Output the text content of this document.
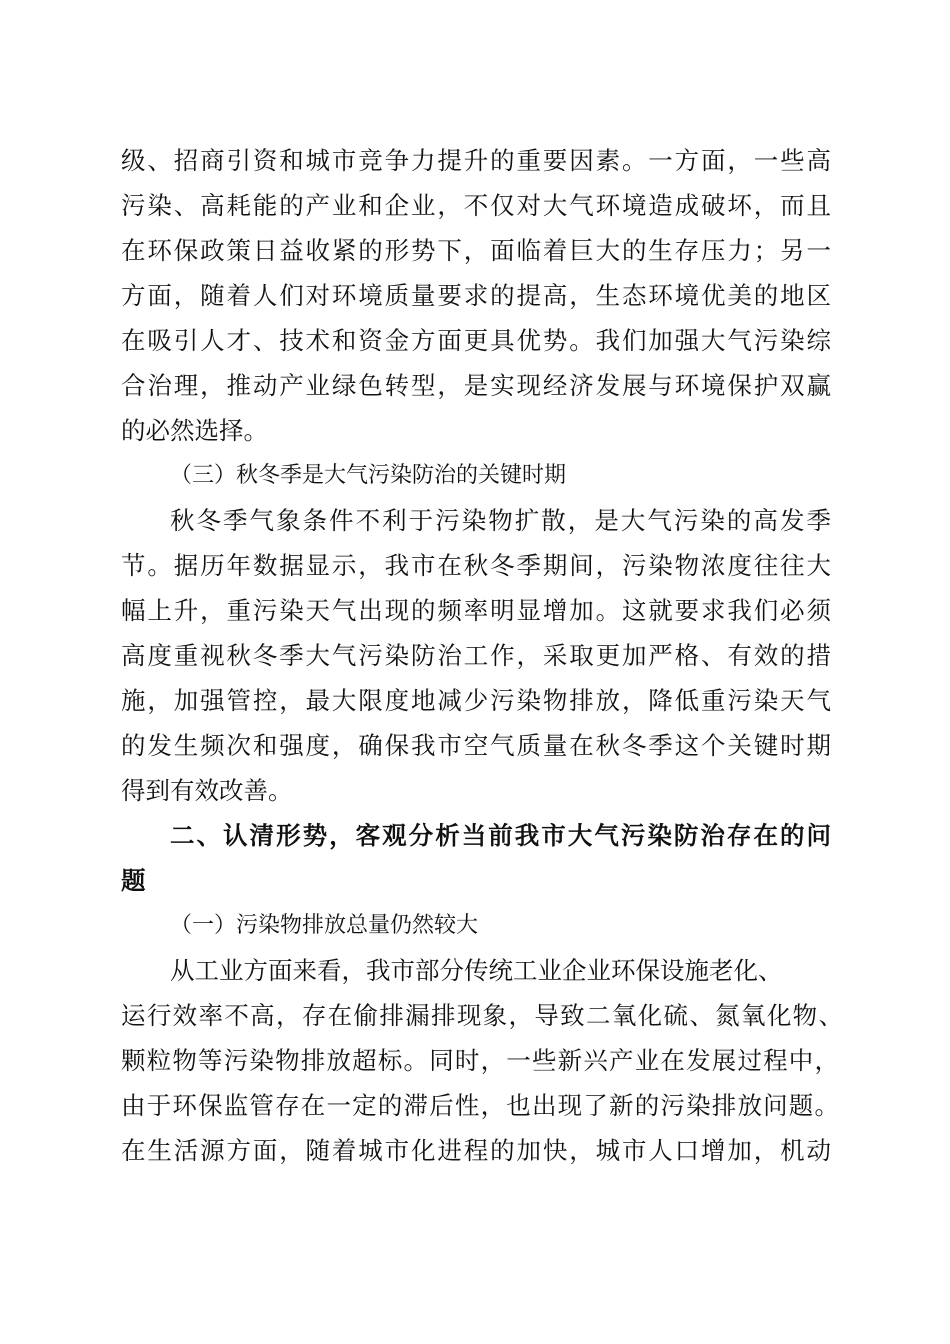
级、招商引资和城市竞争力提升的重要因素。一方面，一些高
污染、高耗能的产业和企业，不仅对大气环境造成破坏，而且
在环保政策日益收紧的形势下，面临着巨大的生存压力；另一
方面，随着人们对环境质量要求的提高，生态环境优美的地区
在吸引人才、技术和资金方面更具优势。我们加强大气污染综
合治理，推动产业绿色转型，是实现经济发展与环境保护双赢
的必然选择。
（三）秋冬季是大气污染防治的关键时期
秋冬季气象条件不利于污染物扩散，是大气污染的高发季
节。据历年数据显示，我市在秋冬季期间，污染物浓度往往大
幅上升，重污染天气出现的频率明显增加。这就要求我们必须
高度重视秋冬季大气污染防治工作，采取更加严格、有效的措
施，加强管控，最大限度地减少污染物排放，降低重污染天气
的发生频次和强度，确保我市空气质量在秋冬季这个关键时期
得到有效改善。
二、认清形势，客观分析当前我市大气污染防治存在的问
题
（一）污染物排放总量仍然较大
从工业方面来看，我市部分传统工业企业环保设施老化、
运行效率不高，存在偷排漏排现象，导致二氧化硫、氮氧化物、
颗粒物等污染物排放超标。同时，一些新兴产业在发展过程中，
由于环保监管存在一定的滞后性，也出现了新的污染排放问题。
在生活源方面，随着城市化进程的加快，城市人口增加，机动
